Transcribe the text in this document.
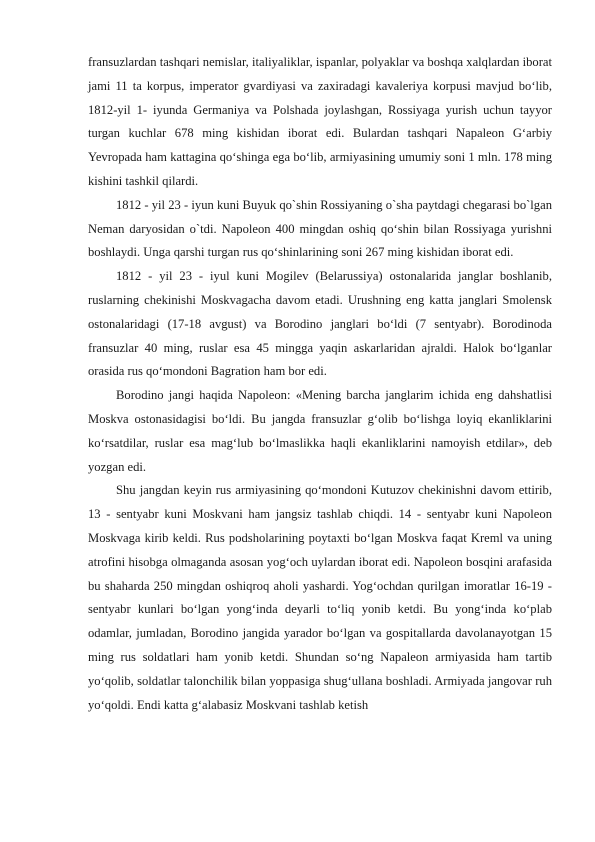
fransuzlardan tashqari nemislar, italiyaliklar, ispanlar, polyaklar va boshqa xalqlardan iborat jami 11 ta korpus, imperator gvardiyasi va zaxiradagi kavaleriya korpusi mavjud bo‘lib, 1812-yil 1- iyunda Germaniya va Polshada joylashgan, Rossiyaga yurish uchun tayyor turgan kuchlar 678 ming kishidan iborat edi. Bulardan tashqari Napaleon G‘arbiy Yevropada ham kattagina qo‘shinga ega bo‘lib, armiyasining umumiy soni 1 mln. 178 ming kishini tashkil qilardi.

1812 - yil 23 - iyun kuni Buyuk qo`shin Rossiyaning o`sha paytdagi chegarasi bo`lgan Neman daryosidan o`tdi. Napoleon 400 mingdan oshiq qo‘shin bilan Rossiyaga yurishni boshlaydi. Unga qarshi turgan rus qo‘shinlarining soni 267 ming kishidan iborat edi.

1812 - yil 23 - iyul kuni Mogilev (Belarussiya) ostonalarida janglar boshlanib, ruslarning chekinishi Moskvagacha davom etadi. Urushning eng katta janglari Smolensk ostonalaridagi (17-18 avgust) va Borodino janglari bo‘ldi (7 sentyabr). Borodinoda fransuzlar 40 ming, ruslar esa 45 mingga yaqin askarlaridan ajraldi. Halok bo‘lganlar orasida rus qo‘mondoni Bagration ham bor edi.

Borodino jangi haqida Napoleon: «Mening barcha janglarim ichida eng dahshatlisi Moskva ostonasidagisi bo‘ldi. Bu jangda fransuzlar g‘olib bo‘lishga loyiq ekanliklarini ko‘rsatdilar, ruslar esa mag‘lub bo‘lmaslikka haqli ekanliklarini namoyish etdilar», deb yozgan edi.

Shu jangdan keyin rus armiyasining qo‘mondoni Kutuzov chekinishni davom ettirib, 13 - sentyabr kuni Moskvani ham jangsiz tashlab chiqdi. 14 - sentyabr kuni Napoleon Moskvaga kirib keldi. Rus podsholarining poytaxti bo‘lgan Moskva faqat Kreml va uning atrofini hisobga olmaganda asosan yog‘och uylardan iborat edi. Napoleon bosqini arafasida bu shaharda 250 mingdan oshiqroq aholi yashardi. Yog‘ochdan qurilgan imoratlar 16-19 - sentyabr kunlari bo‘lgan yong‘inda deyarli to‘liq yonib ketdi. Bu yong‘inda ko‘plab odamlar, jumladan, Borodino jangida yarador bo‘lgan va gospitallarda davolanayotgan 15 ming rus soldatlari ham yonib ketdi. Shundan so‘ng Napaleon armiyasida ham tartib yo‘qolib, soldatlar talonchilik bilan yoppasiga shug‘ullana boshladi. Armiyada jangovar ruh yo‘qoldi. Endi katta g‘alabasiz Moskvani tashlab ketish
